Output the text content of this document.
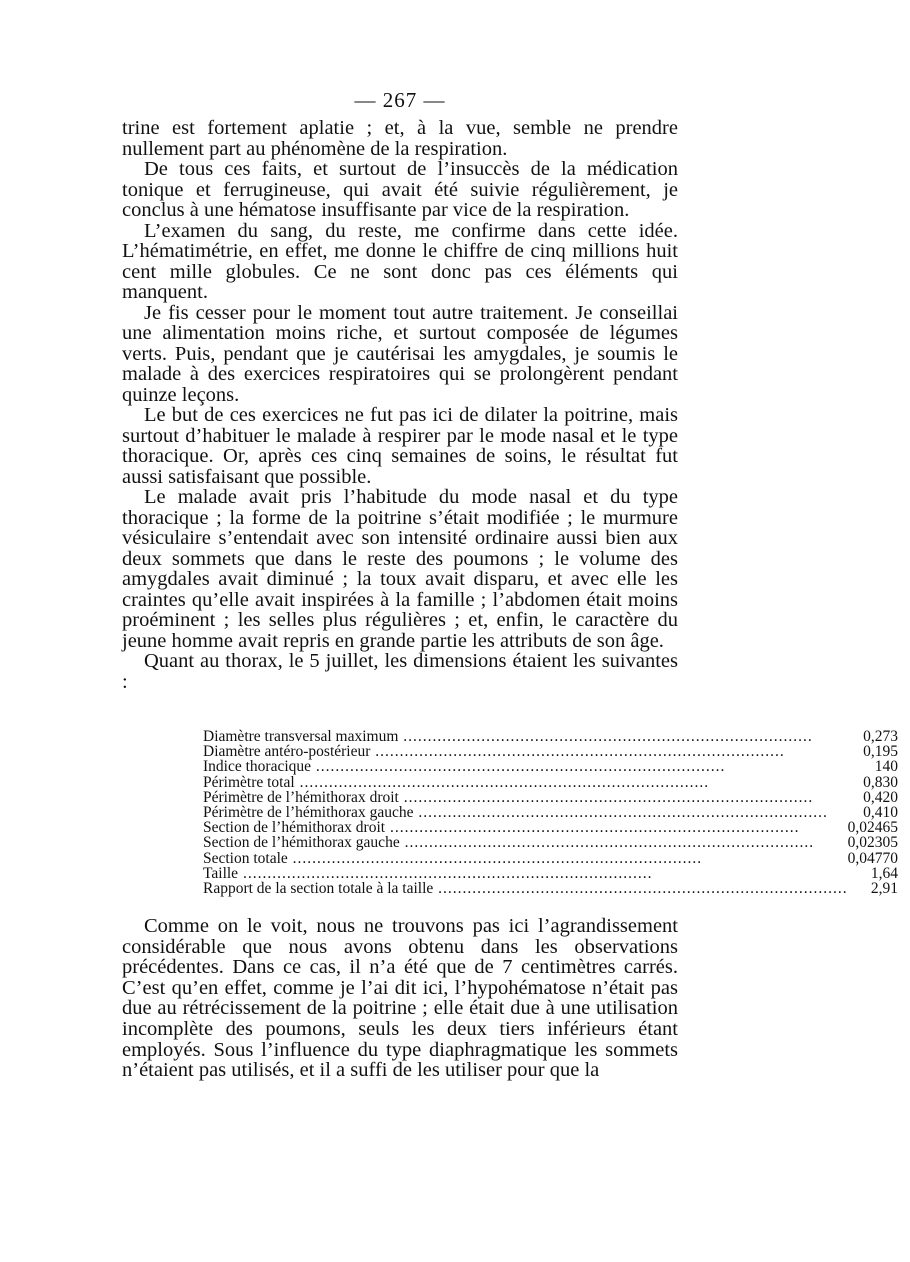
— 267 —

trine est fortement aplatie ; et, à la vue, semble ne prendre nullement part au phénomène de la respiration.

De tous ces faits, et surtout de l’insuccès de la médication tonique et ferrugineuse, qui avait été suivie régulièrement, je conclus à une hématose insuffisante par vice de la respiration.

L’examen du sang, du reste, me confirme dans cette idée. L’hématimétrie, en effet, me donne le chiffre de cinq millions huit cent mille globules. Ce ne sont donc pas ces éléments qui manquent.

Je fis cesser pour le moment tout autre traitement. Je conseillai une alimentation moins riche, et surtout composée de légumes verts. Puis, pendant que je cautérisai les amygdales, je soumis le malade à des exercices respiratoires qui se prolongèrent pendant quinze leçons.

Le but de ces exercices ne fut pas ici de dilater la poitrine, mais surtout d’habituer le malade à respirer par le mode nasal et le type thoracique. Or, après ces cinq semaines de soins, le résultat fut aussi satisfaisant que possible.

Le malade avait pris l’habitude du mode nasal et du type thoracique ; la forme de la poitrine s’était modifiée ; le murmure vésiculaire s’entendait avec son intensité ordinaire aussi bien aux deux sommets que dans le reste des poumons ; le volume des amygdales avait diminué ; la toux avait disparu, et avec elle les craintes qu’elle avait inspirées à la famille ; l’abdomen était moins proéminent ; les selles plus régulières ; et, enfin, le caractère du jeune homme avait repris en grande partie les attributs de son âge.

Quant au thorax, le 5 juillet, les dimensions étaient les suivantes :

Diamètre transversal maximum .....	0,273
Diamètre antéro-postérieur .....	0,195
Indice thoracique .....	140
Périmètre total .....	0,830
Périmètre de l’hémithorax droit .....	0,420
Périmètre de l’hémithorax gauche .....	0,410
Section de l’hémithorax droit .....	0,02465
Section de l’hémithorax gauche .....	0,02305
Section totale .....	0,04770
Taille .....	1,64
Rapport de la section totale à la taille .....	2,91

Comme on le voit, nous ne trouvons pas ici l’agrandissement considérable que nous avons obtenu dans les observations précédentes. Dans ce cas, il n’a été que de 7 centimètres carrés. C’est qu’en effet, comme je l’ai dit ici, l’hypohématose n’était pas due au rétrécissement de la poitrine ; elle était due à une utilisation incomplète des poumons, seuls les deux tiers inférieurs étant employés. Sous l’influence du type diaphragmatique les sommets n’étaient pas utilisés, et il a suffi de les utiliser pour que la
